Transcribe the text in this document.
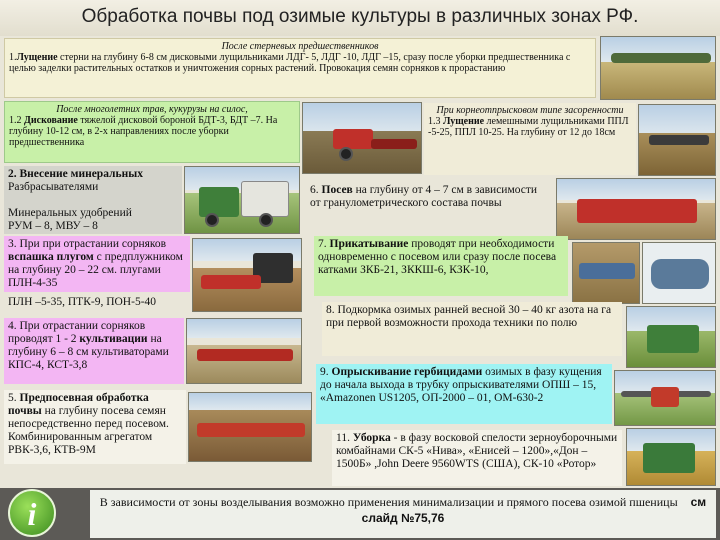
Обработка почвы под озимые культуры в различных зонах РФ.
После стерневых предшественников
1.Лущение стерни на глубину 6-8 см дисковыми лущильниками ЛДГ- 5, ЛДГ -10, ЛДГ –15, сразу после уборки предшественника с целью заделки растительных остатков и уничтожения сорных растений. Провокация семян сорняков к прорастанию
После многолетних трав, кукурузы на силос,
1.2 Дискование тяжелой дисковой бороной БДТ-3, БДТ –7. На глубину 10-12 см, в 2-х направлениях после уборки предшественника
При корнеотпрысковом типе засоренности
1.3 Лущение лемешными лущильниками ППЛ -5-25, ППЛ 10-25. На глубину от 12 до 18см
2. Внесение минеральных
Разбрасывателями

Минеральных удобрений
РУМ – 8, МВУ – 8
3. При при отрастании сорняков вспашка плугом с предплужником на глубину 20 – 22 см. плугами ПЛН-4-35
ПЛН –5-35, ПТК-9, ПОН-5-40
4. При отрастании сорняков проводят 1 - 2 культивации на глубину 6 – 8 см культиваторами КПС-4, КСТ-3,8
5. Предпосевная обработка почвы на глубину посева семян непосредственно перед посевом. Комбинированным агрегатом РВК-3,6, КТВ-9М
6. Посев на глубину от 4 – 7 см в зависимости от гранулометрического состава почвы
7. Прикатывание проводят при необходимости одновременно с посевом или сразу после посева катками ЗКБ-21, ЗККШ-6, КЗК-10,
8. Подкормка озимых ранней весной 30 – 40 кг азота на га при первой возможности прохода техники по полю
9. Опрыскивание гербицидами озимых в фазу кущения до начала выхода в трубку опрыскивателями ОПШ – 15, «Amazonen US1205, ОП-2000 – 01, ОМ-630-2
11. Уборка - в фазу восковой спелости зерноуборочными комбайнами СК-5 «Нива», «Енисей – 1200»,«Дон – 1500Б» ,John Deere 9560WTS (США), СК-10 «Ротор»
i	В зависимости от зоны возделывания возможно применения минимализации и прямого посева озимой пшеницы см слайд №75,76
